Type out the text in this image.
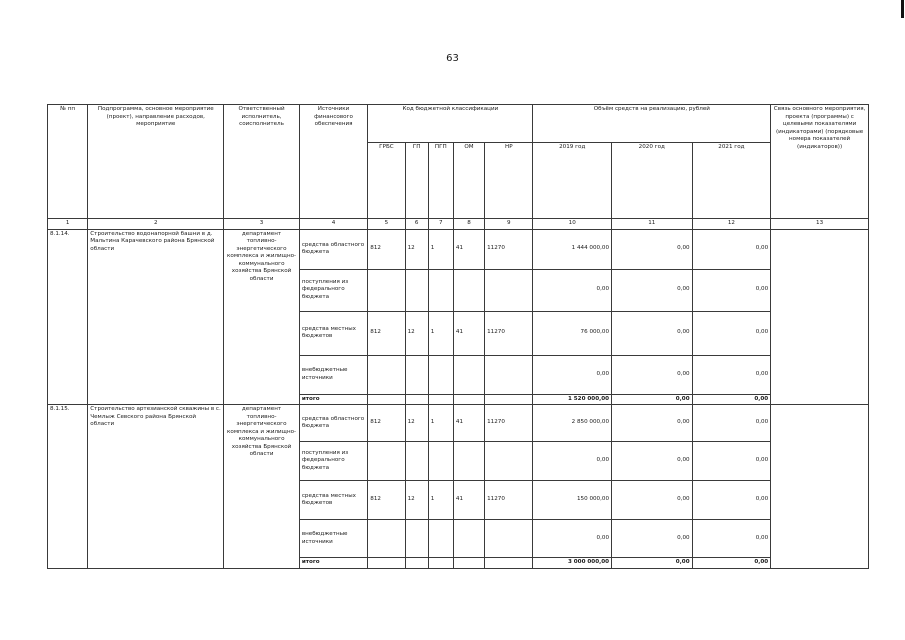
63
№ пп	Подпрограмма, основное мероприятие (проект), направление расходов, мероприятие	Ответственный исполнитель, соисполнитель	Источники финансового обеспечения	Код бюджетной классификации					Объём средств на реализацию, рублей			Связь основного мероприятия, проекта (программы) с целевыми показателями (индикаторами) (порядковые номера показателей (индикаторов))
				ГРБС	ГП	ПГП	ОМ	НР	2019 год	2020 год	2021 год	
1	2	3	4	5	6	7	8	9	10	11	12	13
8.1.14.	Строительство водонапорной башни в д. Мальтина Карачевского района Брянской области	департамент топливно-энергетического комплекса и жилищно-коммунального хозяйства Брянской области	средства областного бюджета	812	12	1	41	11270	1 444 000,00	0,00	0,00	
			поступления из федерального бюджета						0,00	0,00	0,00	
			средства местных бюджетов	812	12	1	41	11270	76 000,00	0,00	0,00	
			внебюджетные источники						0,00	0,00	0,00	
			итого						1 520 000,00	0,00	0,00	
8.1.15.	Строительство артезианской скважины в с. Чемлыж Севского района Брянской области	департамент топливно-энергетического комплекса и жилищно-коммунального хозяйства Брянской области	средства областного бюджета	812	12	1	41	11270	2 850 000,00	0,00	0,00	
			поступления из федерального бюджета						0,00	0,00	0,00	
			средства местных бюджетов	812	12	1	41	11270	150 000,00	0,00	0,00	
			внебюджетные источники						0,00	0,00	0,00	
			итого						3 000 000,00	0,00	0,00	
